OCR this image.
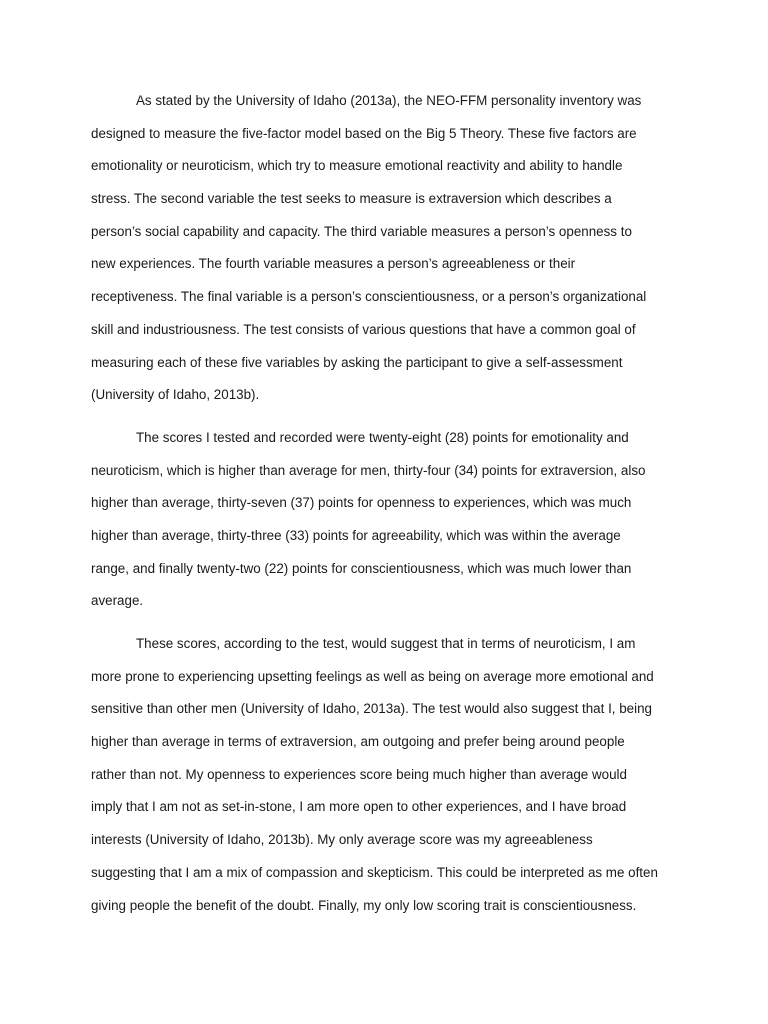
As stated by the University of Idaho (2013a), the NEO-FFM personality inventory was
designed to measure the five-factor model based on the Big 5 Theory. These five factors are
emotionality or neuroticism, which try to measure emotional reactivity and ability to handle
stress. The second variable the test seeks to measure is extraversion which describes a
person’s social capability and capacity. The third variable measures a person’s openness to
new experiences. The fourth variable measures a person’s agreeableness or their
receptiveness. The final variable is a person’s conscientiousness, or a person’s organizational
skill and industriousness. The test consists of various questions that have a common goal of
measuring each of these five variables by asking the participant to give a self-assessment
(University of Idaho, 2013b).
The scores I tested and recorded were twenty-eight (28) points for emotionality and
neuroticism, which is higher than average for men, thirty-four (34) points for extraversion, also
higher than average, thirty-seven (37) points for openness to experiences, which was much
higher than average, thirty-three (33) points for agreeability, which was within the average
range, and finally twenty-two (22) points for conscientiousness, which was much lower than
average.
These scores, according to the test, would suggest that in terms of neuroticism, I am
more prone to experiencing upsetting feelings as well as being on average more emotional and
sensitive than other men (University of Idaho, 2013a). The test would also suggest that I, being
higher than average in terms of extraversion, am outgoing and prefer being around people
rather than not. My openness to experiences score being much higher than average would
imply that I am not as set-in-stone, I am more open to other experiences, and I have broad
interests (University of Idaho, 2013b). My only average score was my agreeableness
suggesting that I am a mix of compassion and skepticism. This could be interpreted as me often
giving people the benefit of the doubt. Finally, my only low scoring trait is conscientiousness.
